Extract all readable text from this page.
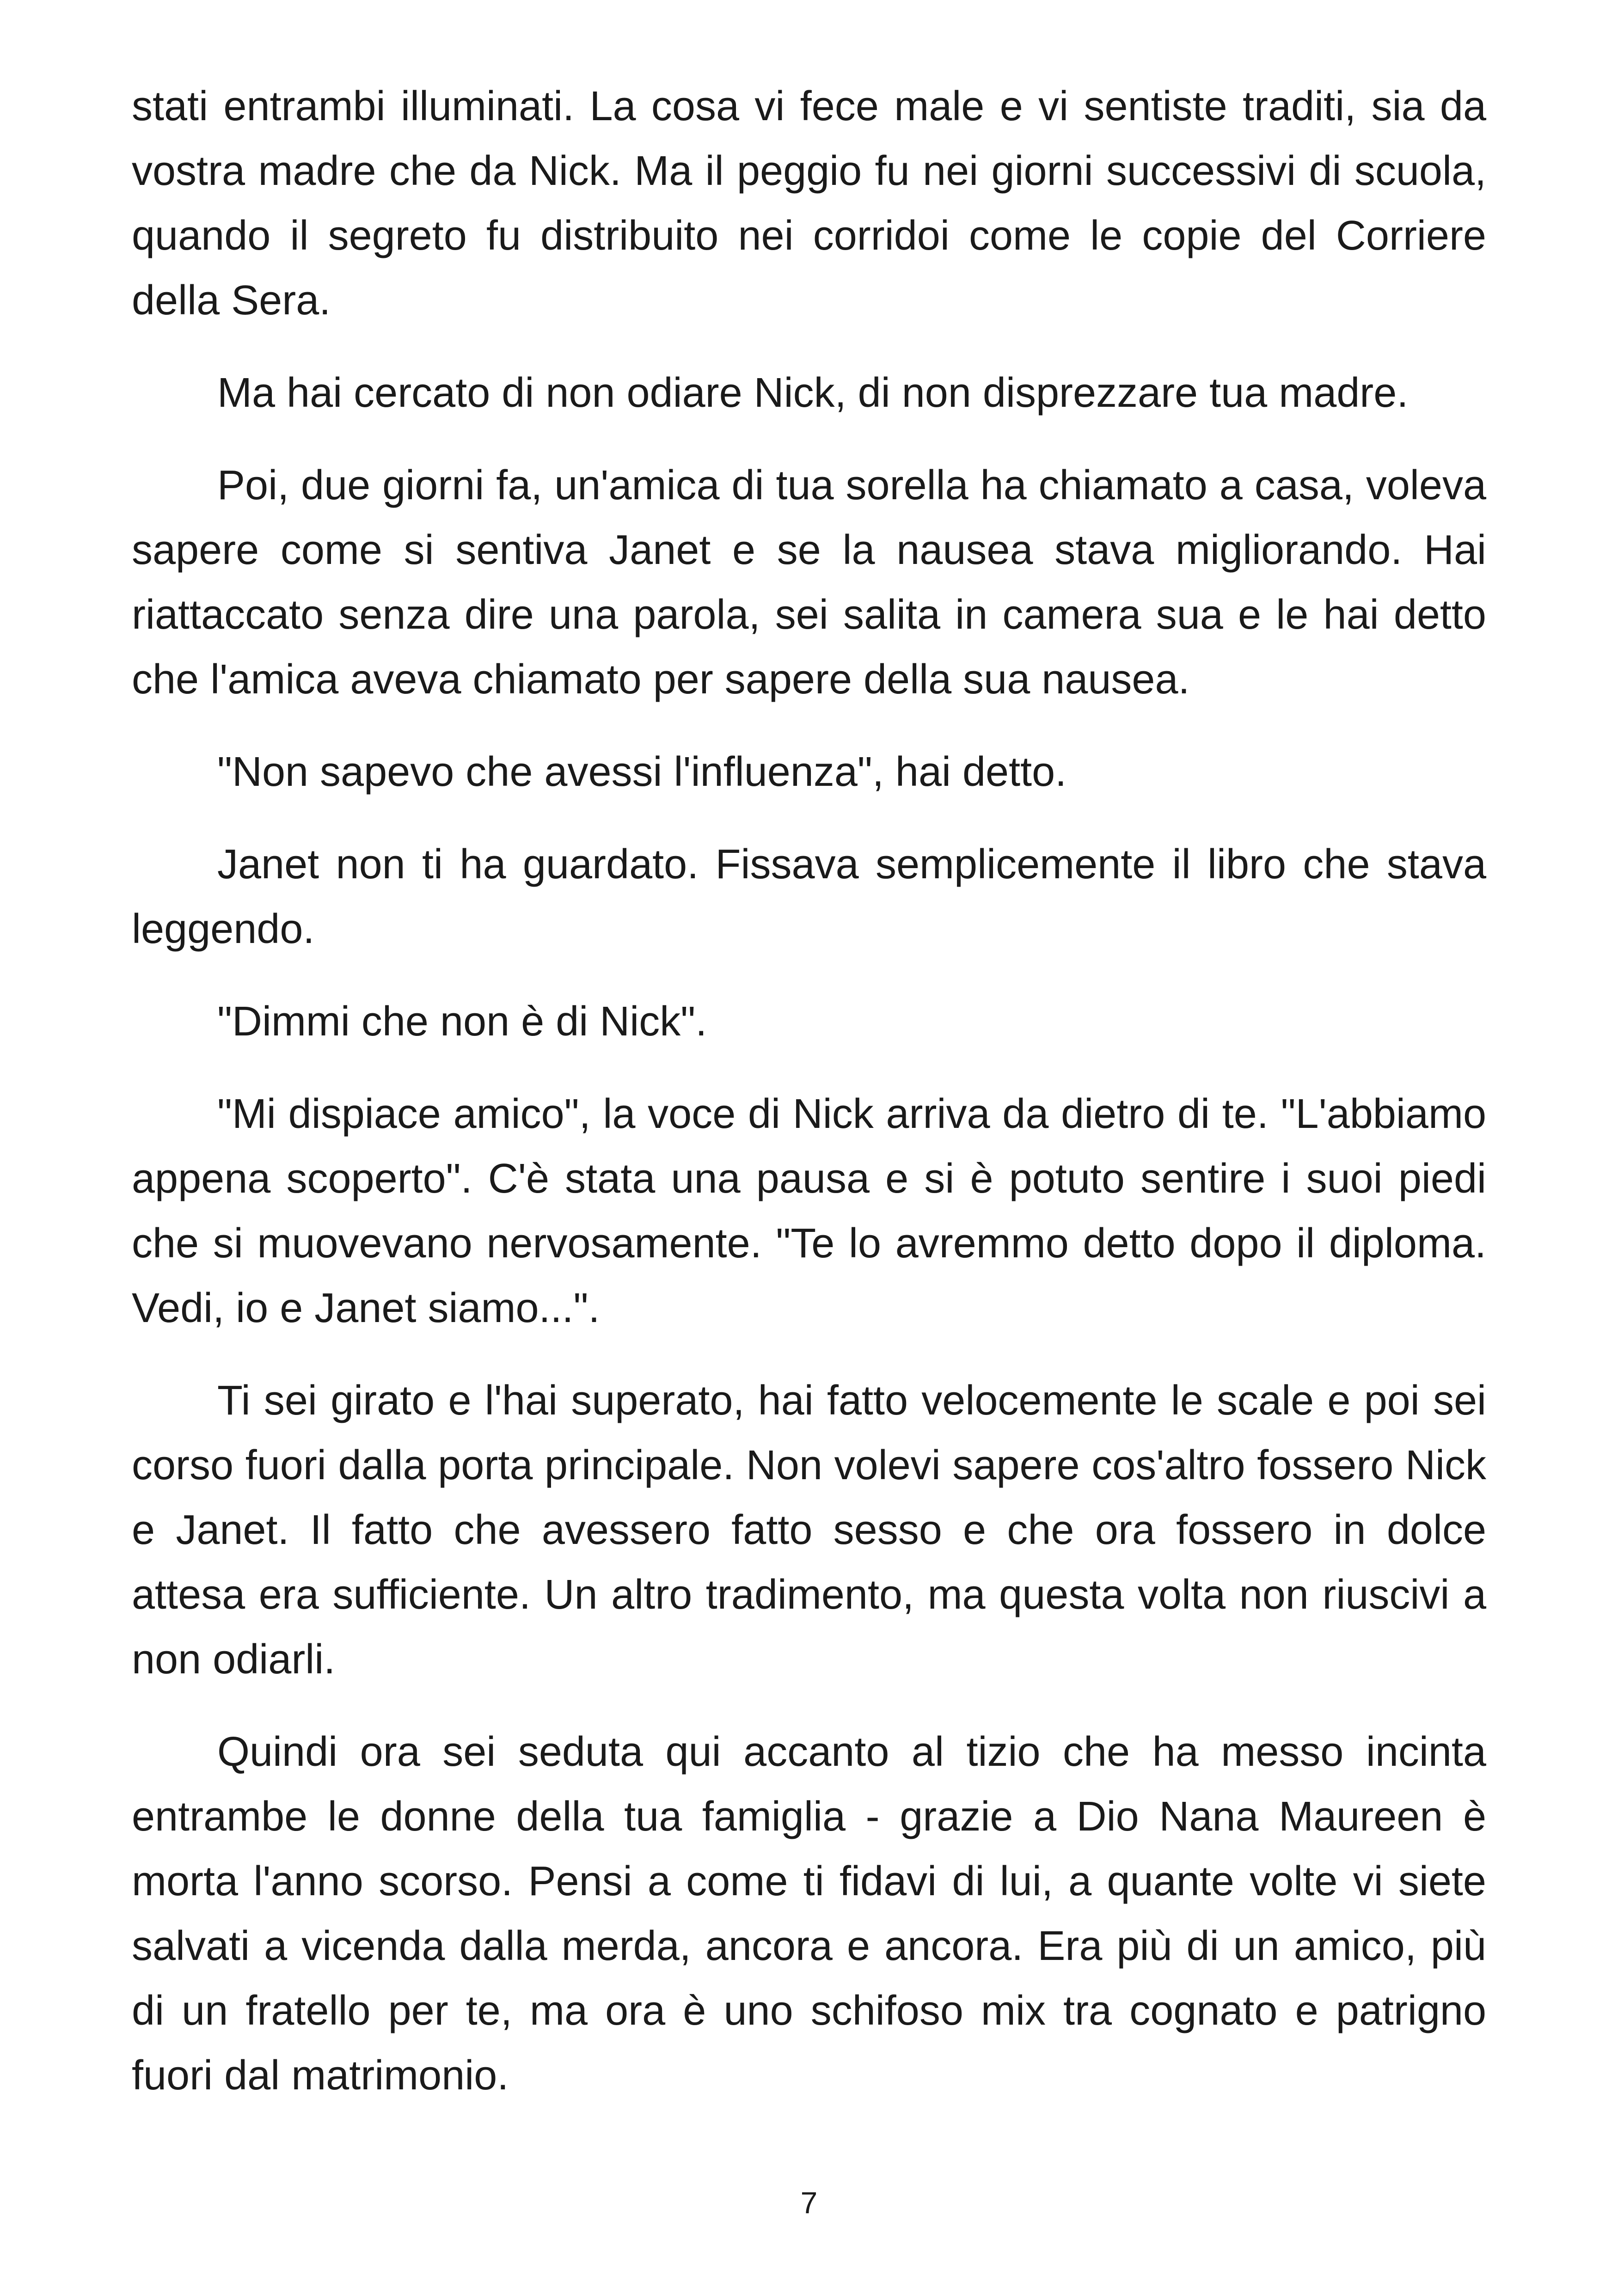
stati entrambi illuminati. La cosa vi fece male e vi sentiste traditi, sia da vostra madre che da Nick. Ma il peggio fu nei giorni successivi di scuola, quando il segreto fu distribuito nei corridoi come le copie del Corriere della Sera.

Ma hai cercato di non odiare Nick, di non disprezzare tua madre.

Poi, due giorni fa, un'amica di tua sorella ha chiamato a casa, voleva sapere come si sentiva Janet e se la nausea stava migliorando. Hai riattaccato senza dire una parola, sei salita in camera sua e le hai detto che l'amica aveva chiamato per sapere della sua nausea.

"Non sapevo che avessi l'influenza", hai detto.

Janet non ti ha guardato. Fissava semplicemente il libro che stava leggendo.

"Dimmi che non è di Nick".

"Mi dispiace amico", la voce di Nick arriva da dietro di te. "L'abbiamo appena scoperto". C'è stata una pausa e si è potuto sentire i suoi piedi che si muovevano nervosamente. "Te lo avremmo detto dopo il diploma. Vedi, io e Janet siamo...".

Ti sei girato e l'hai superato, hai fatto velocemente le scale e poi sei corso fuori dalla porta principale. Non volevi sapere cos'altro fossero Nick e Janet. Il fatto che avessero fatto sesso e che ora fossero in dolce attesa era sufficiente. Un altro tradimento, ma questa volta non riuscivi a non odiarli.

Quindi ora sei seduta qui accanto al tizio che ha messo incinta entrambe le donne della tua famiglia - grazie a Dio Nana Maureen è morta l'anno scorso. Pensi a come ti fidavi di lui, a quante volte vi siete salvati a vicenda dalla merda, ancora e ancora. Era più di un amico, più di un fratello per te, ma ora è uno schifoso mix tra cognato e patrigno fuori dal matrimonio.

7
